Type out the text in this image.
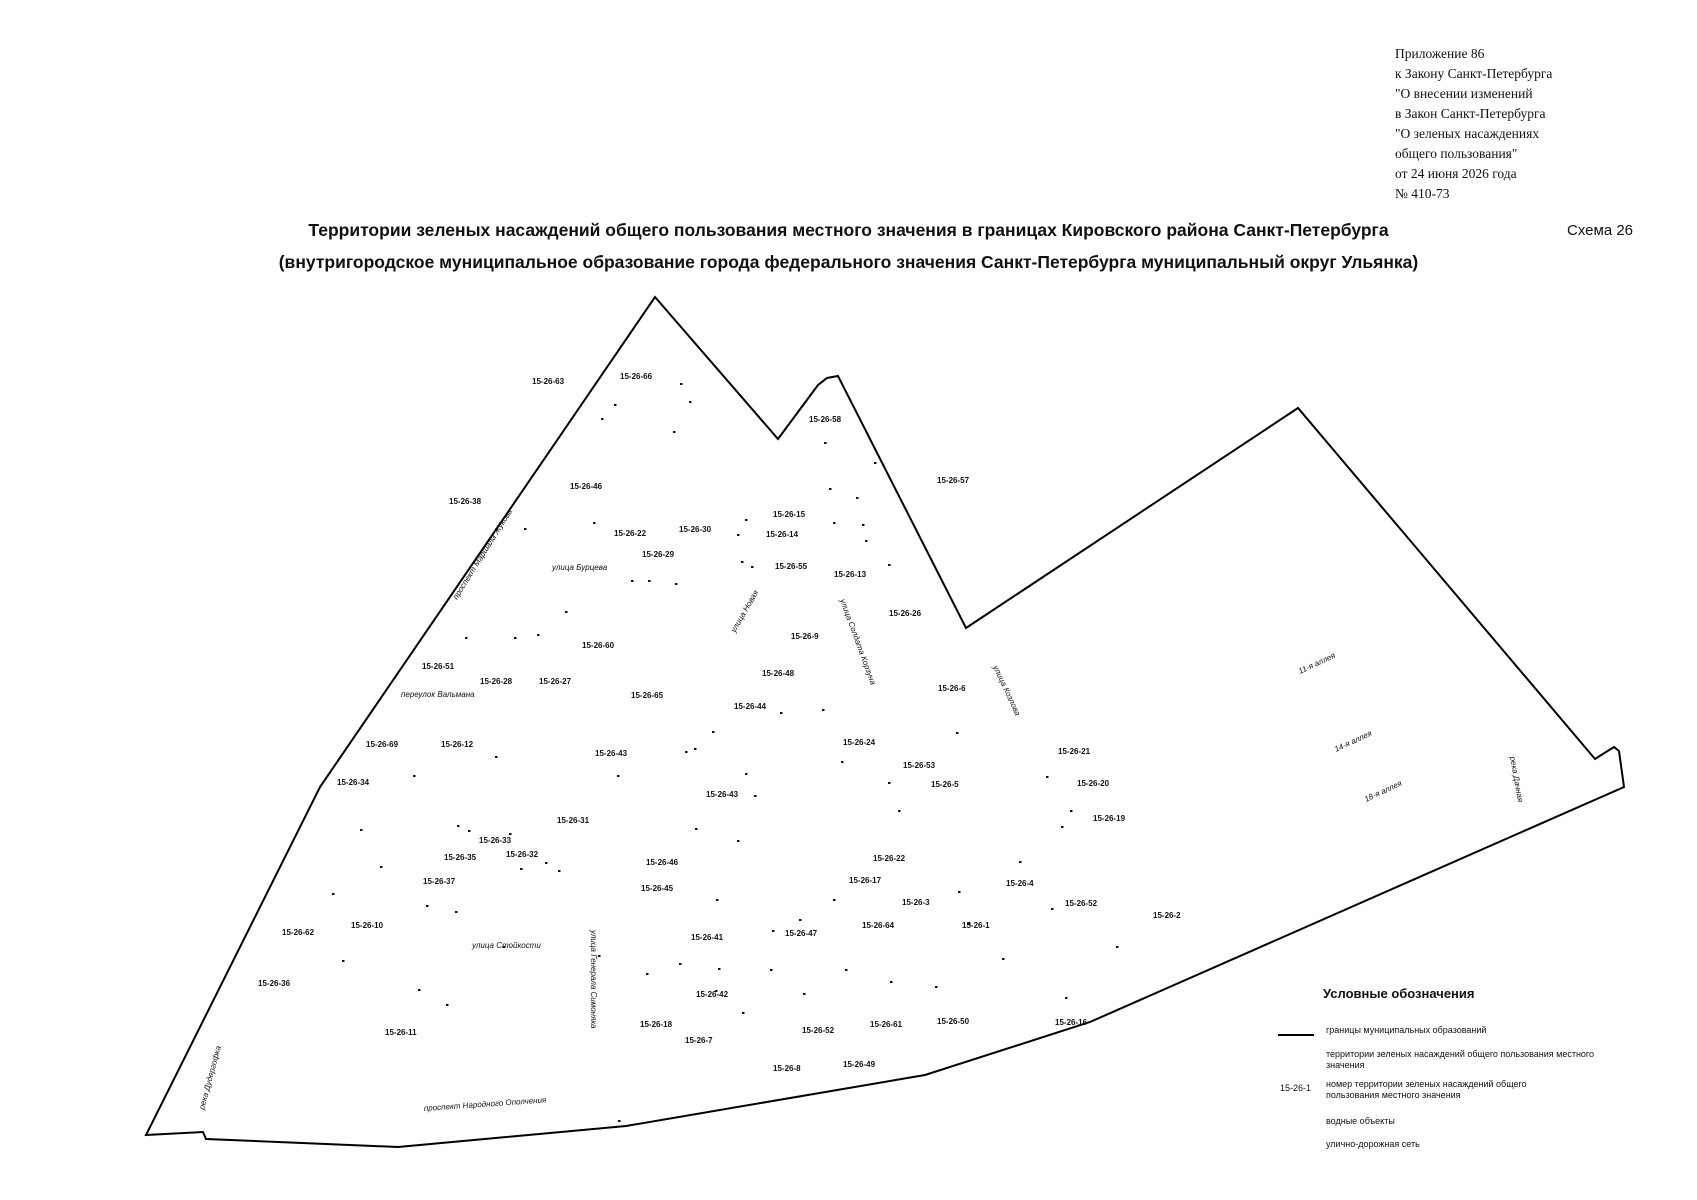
Приложение 86
к Закону Санкт-Петербурга
"О внесении изменений
в Закон Санкт-Петербурга
"О зеленых насаждениях
общего пользования"
от 24 июня 2026 года
№ 410-73
Территории зеленых насаждений общего пользования местного значения в границах Кировского района Санкт-Петербурга
(внутригородское муниципальное образование города федерального значения Санкт-Петербурга муниципальный округ Ульянка)
Схема 26
15-26-63
15-26-66
15-26-58
15-26-57
15-26-38
15-26-46
15-26-15
15-26-22	15-26-30
15-26-14
15-26-29
15-26-55
15-26-13
15-26-26
15-26-60
15-26-9
15-26-51
15-26-28	15-26-27
15-26-65
15-26-48
15-26-6
15-26-44
15-26-69	15-26-12
15-26-43
15-26-24
15-26-21
15-26-34
15-26-53
15-26-5	15-26-20
15-26-43
15-26-31	15-26-19
15-26-33
15-26-35	15-26-32	15-26-22
15-26-46
15-26-37	15-26-17
15-26-45
15-26-4
15-26-3	15-26-52
15-26-62
15-26-10	15-26-64	15-26-1
15-26-2
15-26-41	15-26-47
15-26-36
15-26-42
15-26-11
15-26-18	15-26-61	15-26-50	15-26-16
15-26-7
15-26-52
15-26-8	15-26-49
проспект Маршала Жукова	улица Бурцева
улица Новая	улица Солдата Корзуна
улица Козлова
переулок Вальмана
улица Стойкости	улица Генерала Симоняка
проспект Народного Ополчения
река Дудергофка
11-я аллея
14-я аллея
18-я аллея	река Дачная
Условные обозначения
границы муниципальных образований
территории зеленых насаждений общего пользования местного значения
15-26-1 номер территории зеленых насаждений общего пользования местного значения
водные объекты
улично-дорожная сеть
